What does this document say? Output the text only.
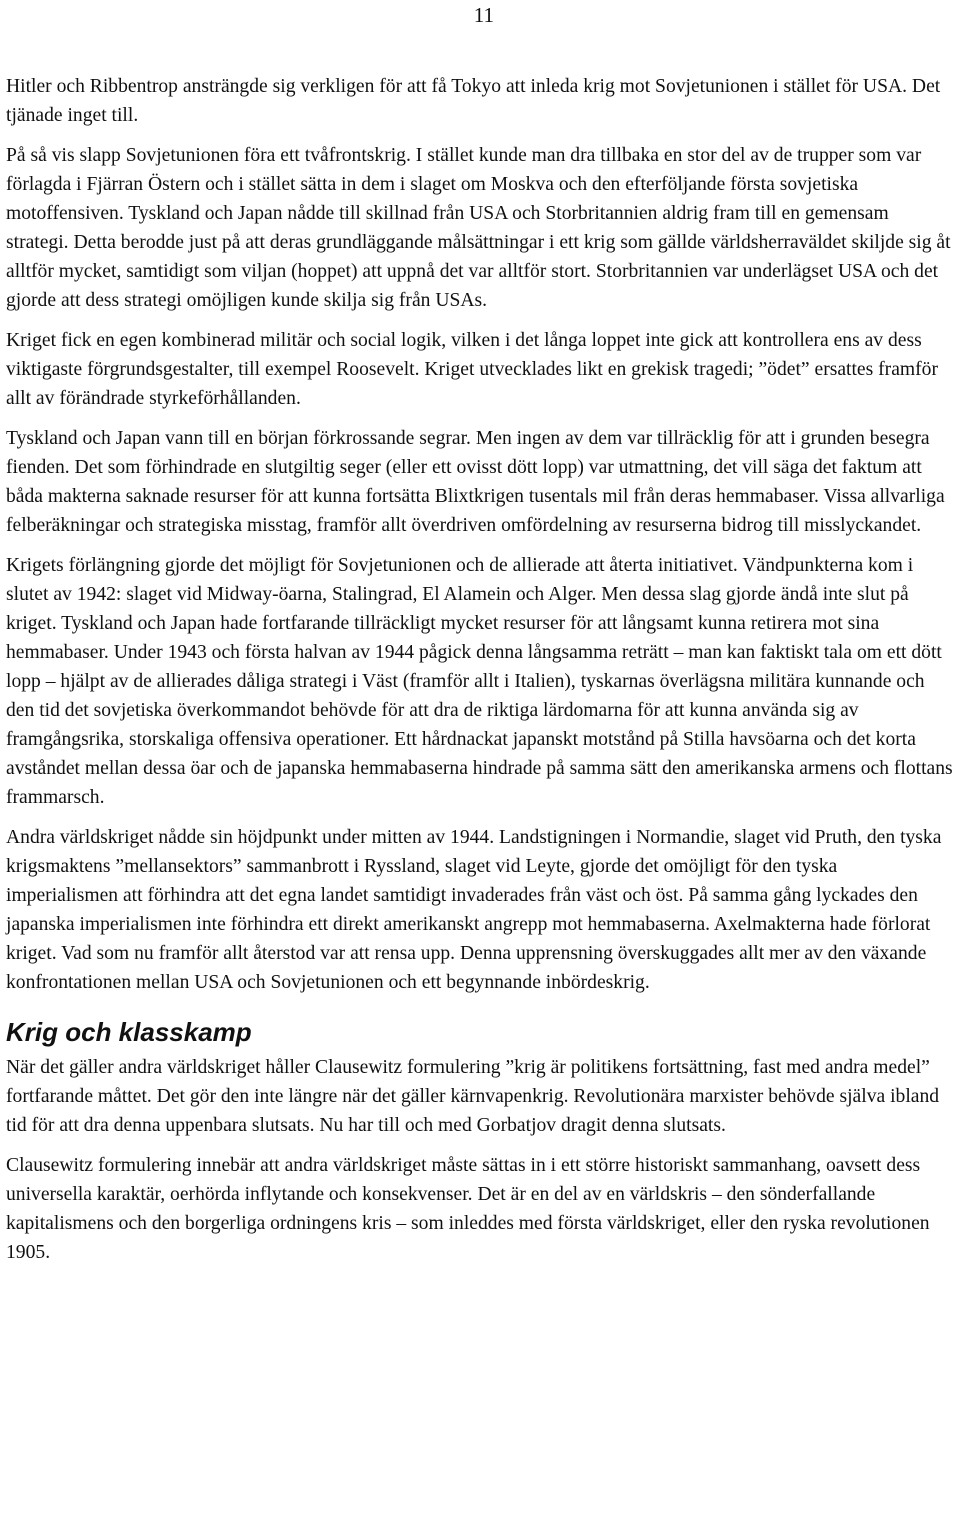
11

Hitler och Ribbentrop ansträngde sig verkligen för att få Tokyo att inleda krig mot Sovjetunionen i stället för USA. Det tjänade inget till.

På så vis slapp Sovjetunionen föra ett tvåfrontskrig. I stället kunde man dra tillbaka en stor del av de trupper som var förlagda i Fjärran Östern och i stället sätta in dem i slaget om Moskva och den efterföljande första sovjetiska motoffensiven. Tyskland och Japan nådde till skillnad från USA och Storbritannien aldrig fram till en gemensam strategi. Detta berodde just på att deras grundläggande målsättningar i ett krig som gällde världsherraväldet skiljde sig åt alltför mycket, samtidigt som viljan (hoppet) att uppnå det var alltför stort. Storbritannien var underlägset USA och det gjorde att dess strategi omöjligen kunde skilja sig från USAs.

Kriget fick en egen kombinerad militär och social logik, vilken i det långa loppet inte gick att kontrollera ens av dess viktigaste förgrundsgestalter, till exempel Roosevelt. Kriget utvecklades likt en grekisk tragedi; ”ödet” ersattes framför allt av förändrade styrkeförhållanden.

Tyskland och Japan vann till en början förkrossande segrar. Men ingen av dem var tillräcklig för att i grunden besegra fienden. Det som förhindrade en slutgiltig seger (eller ett ovisst dött lopp) var utmattning, det vill säga det faktum att båda makterna saknade resurser för att kunna fortsätta Blixtkrigen tusentals mil från deras hemmabaser. Vissa allvarliga felberäkningar och strategiska misstag, framför allt överdriven omfördelning av resurserna bidrog till misslyckandet.

Krigets förlängning gjorde det möjligt för Sovjetunionen och de allierade att återta initiativet. Vändpunkterna kom i slutet av 1942: slaget vid Midway-öarna, Stalingrad, El Alamein och Alger. Men dessa slag gjorde ändå inte slut på kriget. Tyskland och Japan hade fortfarande tillräckligt mycket resurser för att långsamt kunna retirera mot sina hemmabaser. Under 1943 och första halvan av 1944 pågick denna långsamma reträtt – man kan faktiskt tala om ett dött lopp – hjälpt av de allierades dåliga strategi i Väst (framför allt i Italien), tyskarnas överlägsna militära kunnande och den tid det sovjetiska överkommandot behövde för att dra de riktiga lärdomarna för att kunna använda sig av framgångsrika, storskaliga offensiva operationer. Ett hårdnackat japanskt motstånd på Stilla havsöarna och det korta avståndet mellan dessa öar och de japanska hemmabaserna hindrade på samma sätt den amerikanska armens och flottans frammarsch.

Andra världskriget nådde sin höjdpunkt under mitten av 1944. Landstigningen i Normandie, slaget vid Pruth, den tyska krigsmaktens ”mellansektors” sammanbrott i Ryssland, slaget vid Leyte, gjorde det omöjligt för den tyska imperialismen att förhindra att det egna landet samtidigt invaderades från väst och öst. På samma gång lyckades den japanska imperialismen inte förhindra ett direkt amerikanskt angrepp mot hemmabaserna. Axelmakterna hade förlorat kriget. Vad som nu framför allt återstod var att rensa upp. Denna upprensning överskuggades allt mer av den växande konfrontationen mellan USA och Sovjetunionen och ett begynnande inbördeskrig.

Krig och klasskamp

När det gäller andra världskriget håller Clausewitz formulering ”krig är politikens fortsättning, fast med andra medel” fortfarande måttet. Det gör den inte längre när det gäller kärnvapenkrig. Revolutionära marxister behövde själva ibland tid för att dra denna uppenbara slutsats. Nu har till och med Gorbatjov dragit denna slutsats.

Clausewitz formulering innebär att andra världskriget måste sättas in i ett större historiskt sammanhang, oavsett dess universella karaktär, oerhörda inflytande och konsekvenser. Det är en del av en världskris – den sönderfallande kapitalismens och den borgerliga ordningens kris – som inleddes med första världskriget, eller den ryska revolutionen 1905.
